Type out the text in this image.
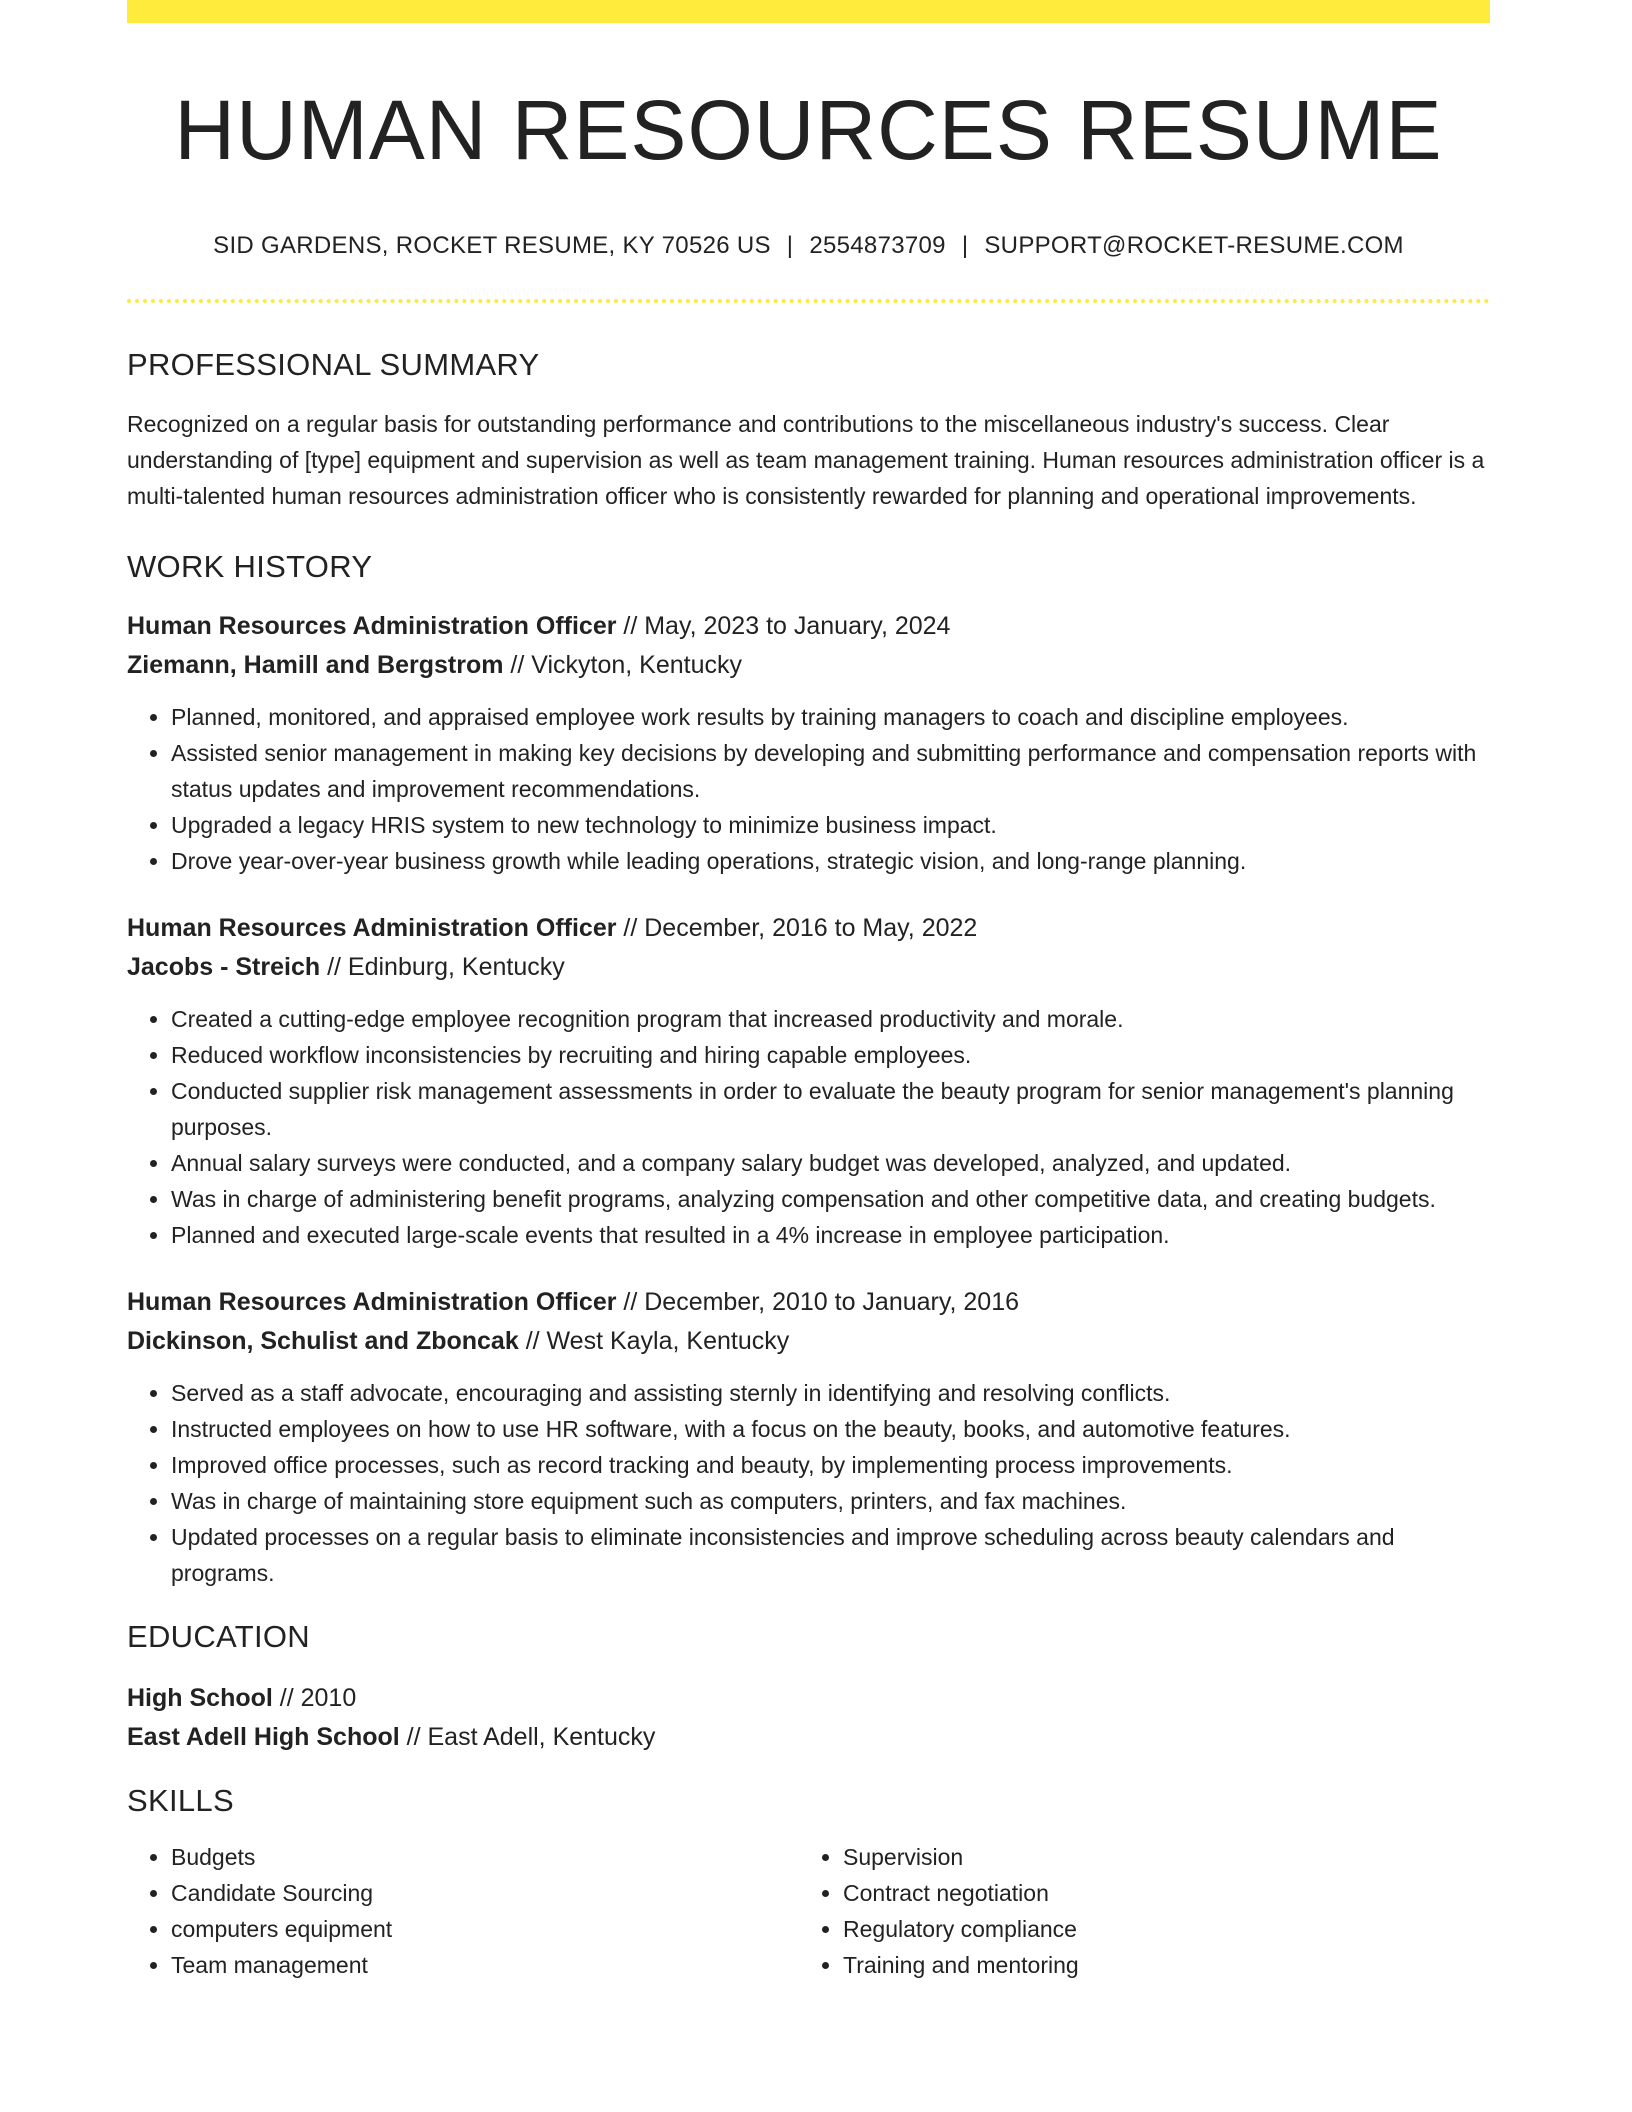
HUMAN RESOURCES RESUME
SID GARDENS, ROCKET RESUME, KY 70526 US | 2554873709 | SUPPORT@ROCKET-RESUME.COM
PROFESSIONAL SUMMARY
Recognized on a regular basis for outstanding performance and contributions to the miscellaneous industry's success. Clear understanding of [type] equipment and supervision as well as team management training. Human resources administration officer is a multi-talented human resources administration officer who is consistently rewarded for planning and operational improvements.
WORK HISTORY
Human Resources Administration Officer // May, 2023 to January, 2024
Ziemann, Hamill and Bergstrom // Vickyton, Kentucky
• Planned, monitored, and appraised employee work results by training managers to coach and discipline employees.
• Assisted senior management in making key decisions by developing and submitting performance and compensation reports with status updates and improvement recommendations.
• Upgraded a legacy HRIS system to new technology to minimize business impact.
• Drove year-over-year business growth while leading operations, strategic vision, and long-range planning.
Human Resources Administration Officer // December, 2016 to May, 2022
Jacobs - Streich // Edinburg, Kentucky
• Created a cutting-edge employee recognition program that increased productivity and morale.
• Reduced workflow inconsistencies by recruiting and hiring capable employees.
• Conducted supplier risk management assessments in order to evaluate the beauty program for senior management's planning purposes.
• Annual salary surveys were conducted, and a company salary budget was developed, analyzed, and updated.
• Was in charge of administering benefit programs, analyzing compensation and other competitive data, and creating budgets.
• Planned and executed large-scale events that resulted in a 4% increase in employee participation.
Human Resources Administration Officer // December, 2010 to January, 2016
Dickinson, Schulist and Zboncak // West Kayla, Kentucky
• Served as a staff advocate, encouraging and assisting sternly in identifying and resolving conflicts.
• Instructed employees on how to use HR software, with a focus on the beauty, books, and automotive features.
• Improved office processes, such as record tracking and beauty, by implementing process improvements.
• Was in charge of maintaining store equipment such as computers, printers, and fax machines.
• Updated processes on a regular basis to eliminate inconsistencies and improve scheduling across beauty calendars and programs.
EDUCATION
High School // 2010
East Adell High School // East Adell, Kentucky
SKILLS
• Budgets
• Candidate Sourcing
• computers equipment
• Team management
• Supervision
• Contract negotiation
• Regulatory compliance
• Training and mentoring
